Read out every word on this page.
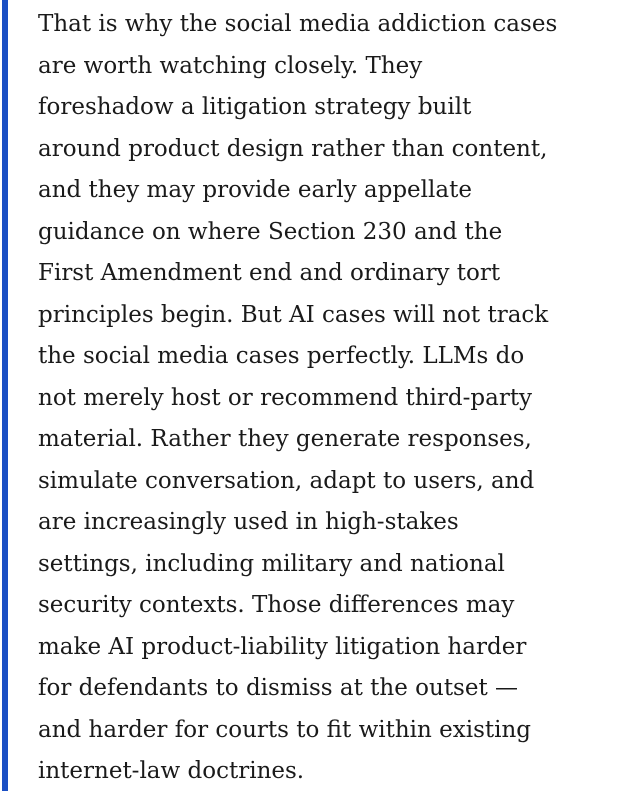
That is why the social media addiction cases
are worth watching closely. They
foreshadow a litigation strategy built
around product design rather than content,
and they may provide early appellate
guidance on where Section 230 and the
First Amendment end and ordinary tort
principles begin. But AI cases will not track
the social media cases perfectly. LLMs do
not merely host or recommend third-party
material. Rather they generate responses,
simulate conversation, adapt to users, and
are increasingly used in high-stakes
settings, including military and national
security contexts. Those differences may
make AI product-liability litigation harder
for defendants to dismiss at the outset —
and harder for courts to fit within existing
internet-law doctrines.
